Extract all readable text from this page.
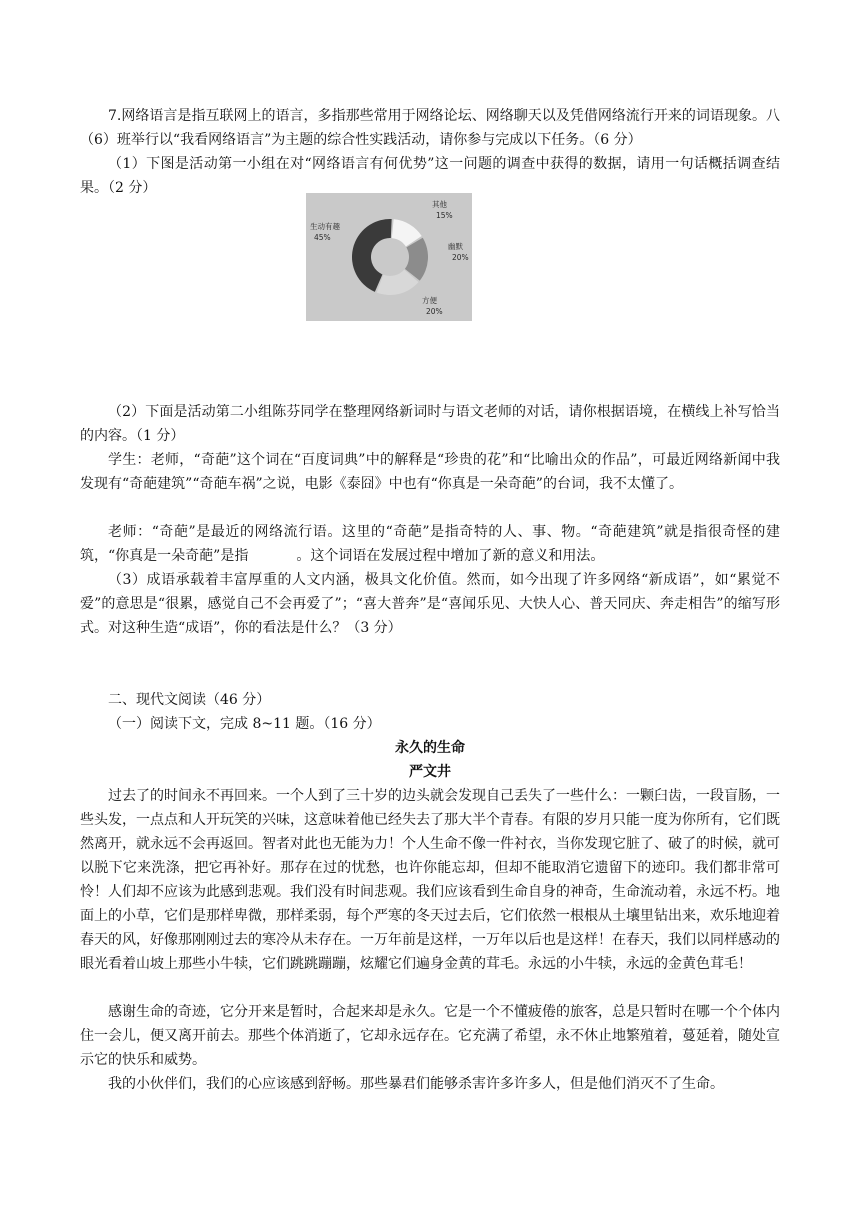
7.网络语言是指互联网上的语言，多指那些常用于网络论坛、网络聊天以及凭借网络流行开来的词语现象。八（6）班举行以“我看网络语言”为主题的综合性实践活动，请你参与完成以下任务。（6 分）

（1）下图是活动第一小组在对“网络语言有何优势”这一问题的调查中获得的数据，请用一句话概括调查结果。（2 分）

生动有趣
45%
其他
15%
幽默
20%
方便
20%

（2）下面是活动第二小组陈芬同学在整理网络新词时与语文老师的对话，请你根据语境，在横线上补写恰当的内容。（1 分）

学生：老师，“奇葩”这个词在“百度词典”中的解释是“珍贵的花”和“比喻出众的作品”，可最近网络新闻中我发现有“奇葩建筑”“奇葩车祸”之说，电影《泰囧》中也有“你真是一朵奇葩”的台词，我不太懂了。

老师：“奇葩”是最近的网络流行语。这里的“奇葩”是指奇特的人、事、物。“奇葩建筑”就是指很奇怪的建筑，“你真是一朵奇葩”是指	。这个词语在发展过程中增加了新的意义和用法。

（3）成语承载着丰富厚重的人文内涵，极具文化价值。然而，如今出现了许多网络“新成语”，如“累觉不爱”的意思是“很累，感觉自己不会再爱了”；“喜大普奔”是“喜闻乐见、大快人心、普天同庆、奔走相告”的缩写形式。对这种生造“成语”，你的看法是什么？（3 分）

二、现代文阅读（46 分）

（一）阅读下文，完成 8~11 题。（16 分）

永久的生命

严文井

过去了的时间永不再回来。一个人到了三十岁的边头就会发现自己丢失了一些什么：一颗臼齿，一段盲肠，一些头发，一点点和人开玩笑的兴味，这意味着他已经失去了那大半个青春。有限的岁月只能一度为你所有，它们既然离开，就永远不会再返回。智者对此也无能为力！个人生命不像一件衬衣，当你发现它脏了、破了的时候，就可以脱下它来洗涤，把它再补好。那存在过的忧愁，也许你能忘却，但却不能取消它遗留下的迹印。我们都非常可怜！ 人们却不应该为此感到悲观。我们没有时间悲观。我们应该看到生命自身的神奇，生命流动着，永远不朽。地面上的小草，它们是那样卑微，那样柔弱，每个严寒的冬天过去后，它们依然一根根从土壤里钻出来，欢乐地迎着春天的风，好像那刚刚过去的寒冷从未存在。一万年前是这样，一万年以后也是这样！在春天，我们以同样感动的眼光看着山坡上那些小牛犊，它们跳跳蹦蹦，炫耀它们遍身金黄的茸毛。永远的小牛犊，永远的金黄色茸毛！

感谢生命的奇迹，它分开来是暂时，合起来却是永久。它是一个不懂疲倦的旅客，总是只暂时在哪一个个体内住一会儿，便又离开前去。那些个体消逝了，它却永远存在。它充满了希望，永不休止地繁殖着，蔓延着，随处宣示它的快乐和威势。

我的小伙伴们，我们的心应该感到舒畅。那些暴君们能够杀害许多许多人，但是他们消灭不了生命。
